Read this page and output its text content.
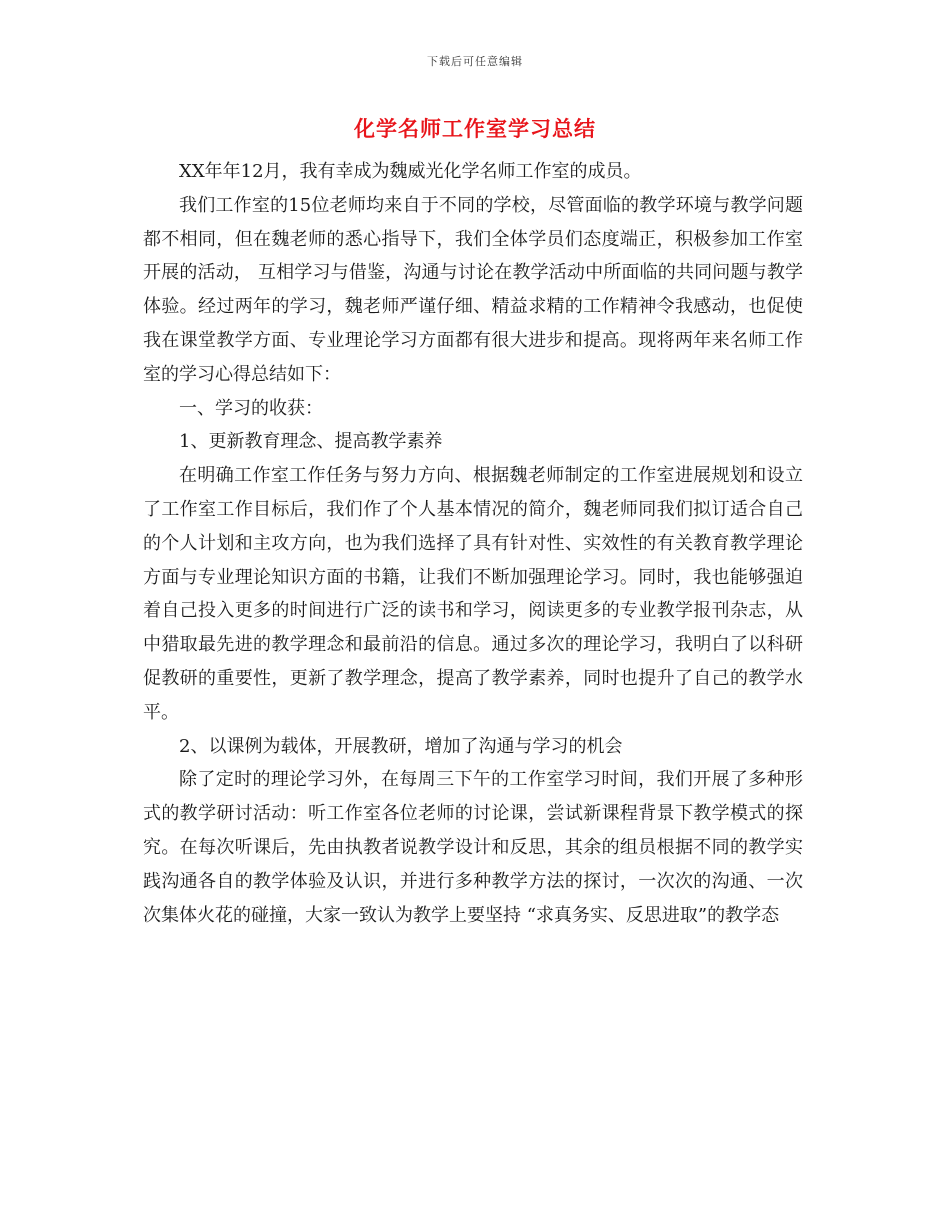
下载后可任意编辑
化学名师工作室学习总结

XX年年12月，我有幸成为魏威光化学名师工作室的成员。

我们工作室的15位老师均来自于不同的学校，尽管面临的教学环境与教学问题都不相同，但在魏老师的悉心指导下，我们全体学员们态度端正，积极参加工作室开展的活动， 互相学习与借鉴，沟通与讨论在教学活动中所面临的共同问题与教学体验。经过两年的学习，魏老师严谨仔细、精益求精的工作精神令我感动，也促使我在课堂教学方面、专业理论学习方面都有很大进步和提高。现将两年来名师工作室的学习心得总结如下：

一、学习的收获：

1、更新教育理念、提高教学素养

在明确工作室工作任务与努力方向、根据魏老师制定的工作室进展规划和设立了工作室工作目标后，我们作了个人基本情况的简介，魏老师同我们拟订适合自己的个人计划和主攻方向，也为我们选择了具有针对性、实效性的有关教育教学理论方面与专业理论知识方面的书籍，让我们不断加强理论学习。同时，我也能够强迫着自己投入更多的时间进行广泛的读书和学习，阅读更多的专业教学报刊杂志，从中猎取最先进的教学理念和最前沿的信息。通过多次的理论学习，我明白了以科研促教研的重要性，更新了教学理念，提高了教学素养，同时也提升了自己的教学水平。

2、以课例为载体，开展教研，增加了沟通与学习的机会

除了定时的理论学习外，在每周三下午的工作室学习时间，我们开展了多种形式的教学研讨活动：听工作室各位老师的讨论课，尝试新课程背景下教学模式的探究。在每次听课后，先由执教者说教学设计和反思，其余的组员根据不同的教学实践沟通各自的教学体验及认识，并进行多种教学方法的探讨，一次次的沟通、一次次集体火花的碰撞，大家一致认为教学上要坚持 “求真务实、反思进取”的教学态
